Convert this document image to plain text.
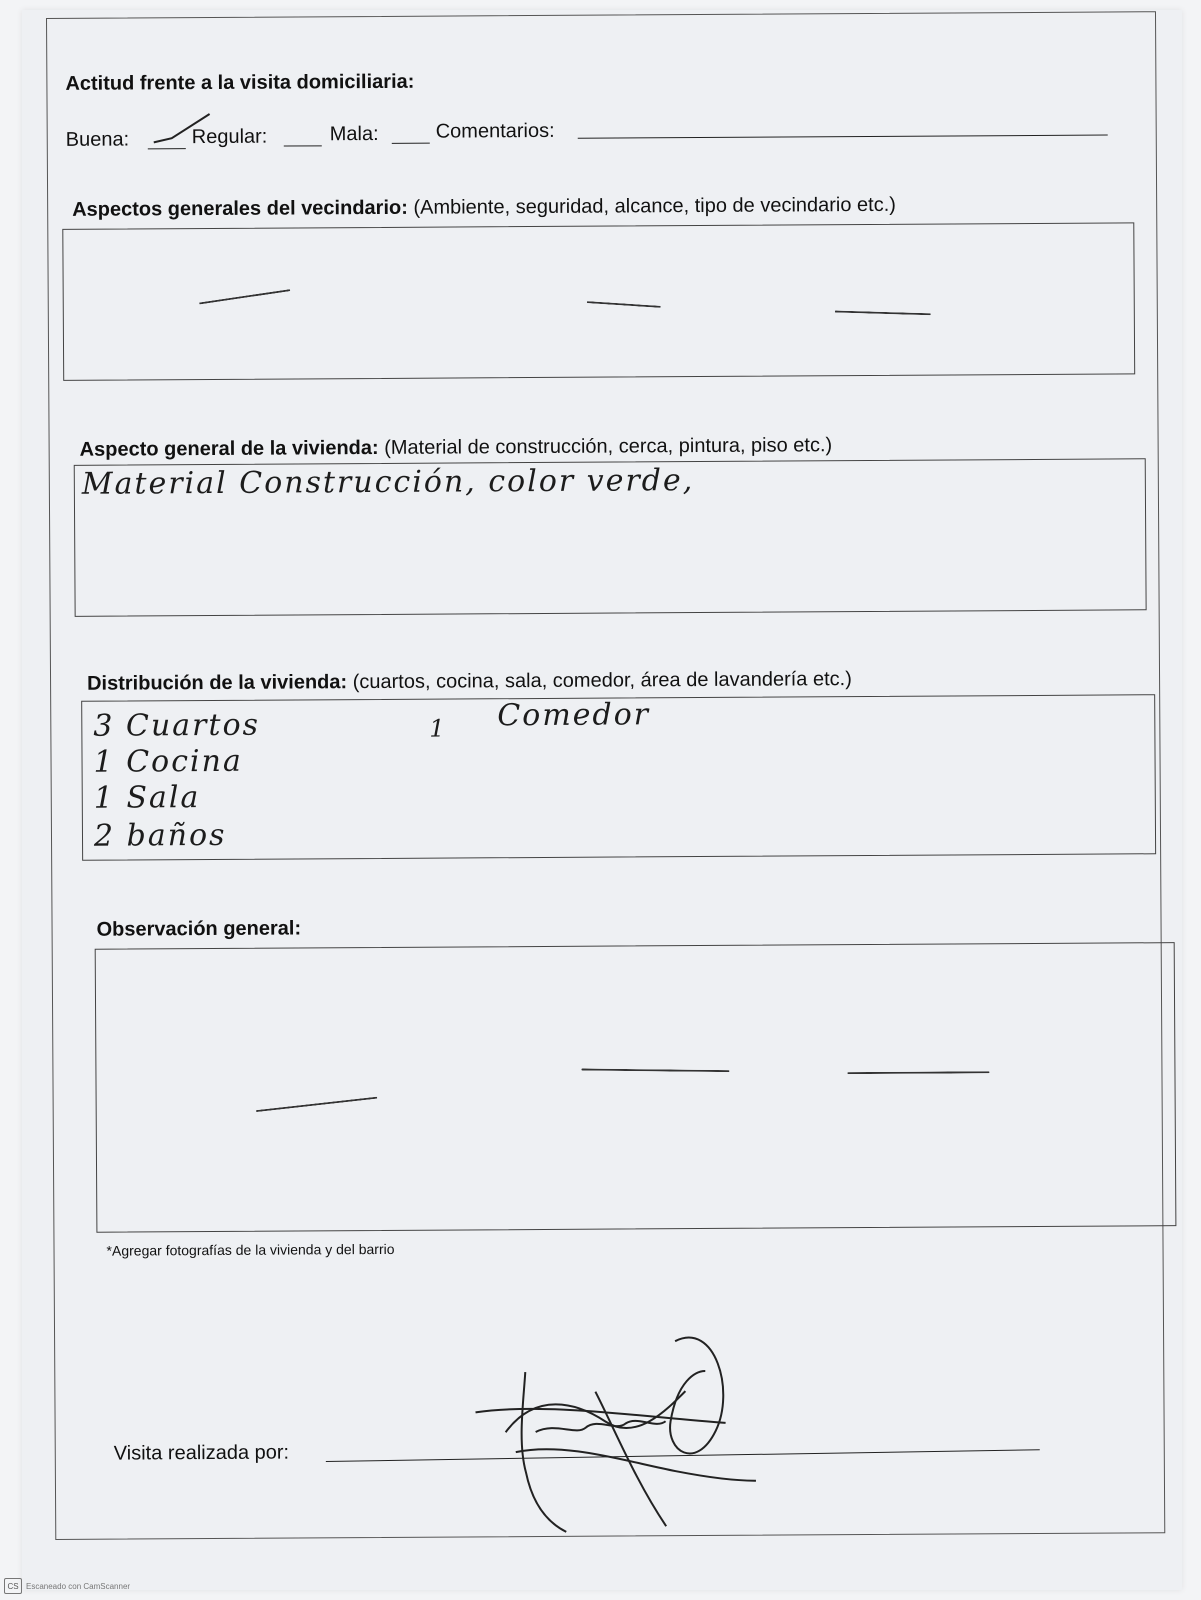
Actitud frente a la visita domiciliaria:
Buena:	Regular:	Mala:	Comentarios:
Aspectos generales del vecindario: (Ambiente, seguridad, alcance, tipo de vecindario etc.)
Aspecto general de la vivienda: (Material de construcción, cerca, pintura, piso etc.)
Material Construcción, color verde,
Distribución de la vivienda: (cuartos, cocina, sala, comedor, área de lavandería etc.)
3 Cuartos
1 Cocina
1 Sala
2 baños
1 Comedor
Observación general:
*Agregar fotografías de la vivienda y del barrio
Visita realizada por:
CS Escaneado con CamScanner
